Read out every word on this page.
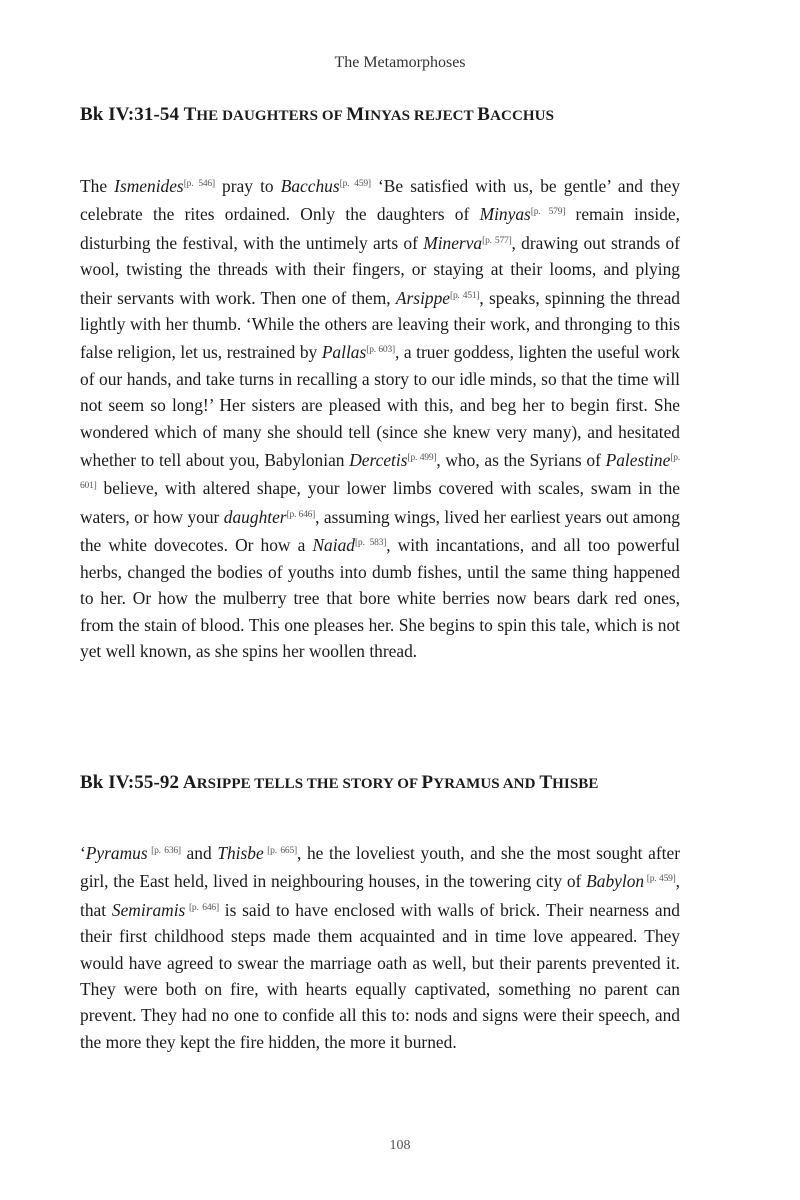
The Metamorphoses
Bk IV:31-54 THE DAUGHTERS OF MINYAS REJECT BACCHUS

The Ismenides[p. 546] pray to Bacchus[p. 459] ‘Be satisfied with us, be gentle’ and they celebrate the rites ordained. Only the daughters of Minyas[p. 579] remain inside, disturbing the festival, with the untimely arts of Minerva[p. 577], drawing out strands of wool, twisting the threads with their fingers, or staying at their looms, and plying their servants with work. Then one of them, Arsippe[p. 451], speaks, spinning the thread lightly with her thumb. ‘While the others are leaving their work, and thronging to this false religion, let us, restrained by Pallas[p. 603], a truer goddess, lighten the useful work of our hands, and take turns in recalling a story to our idle minds, so that the time will not seem so long!’ Her sisters are pleased with this, and beg her to begin first. She wondered which of many she should tell (since she knew very many), and hesitated whether to tell about you, Babylonian Dercetis[p. 499], who, as the Syrians of Palestine[p. 601] believe, with altered shape, your lower limbs covered with scales, swam in the waters, or how your daughter[p. 646], assuming wings, lived her earliest years out among the white dovecotes. Or how a Naiad[p. 583], with incantations, and all too powerful herbs, changed the bodies of youths into dumb fishes, until the same thing happened to her. Or how the mulberry tree that bore white berries now bears dark red ones, from the stain of blood. This one pleases her. She begins to spin this tale, which is not yet well known, as she spins her woollen thread.

Bk IV:55-92 ARSIPPE TELLS THE STORY OF PYRAMUS AND THISBE

‘Pyramus [p. 636] and Thisbe [p. 665], he the loveliest youth, and she the most sought after girl, the East held, lived in neighbouring houses, in the towering city of Babylon [p. 459], that Semiramis [p. 646] is said to have enclosed with walls of brick. Their nearness and their first childhood steps made them acquainted and in time love appeared. They would have agreed to swear the marriage oath as well, but their parents prevented it. They were both on fire, with hearts equally captivated, something no parent can prevent. They had no one to confide all this to: nods and signs were their speech, and the more they kept the fire hidden, the more it burned.

108
